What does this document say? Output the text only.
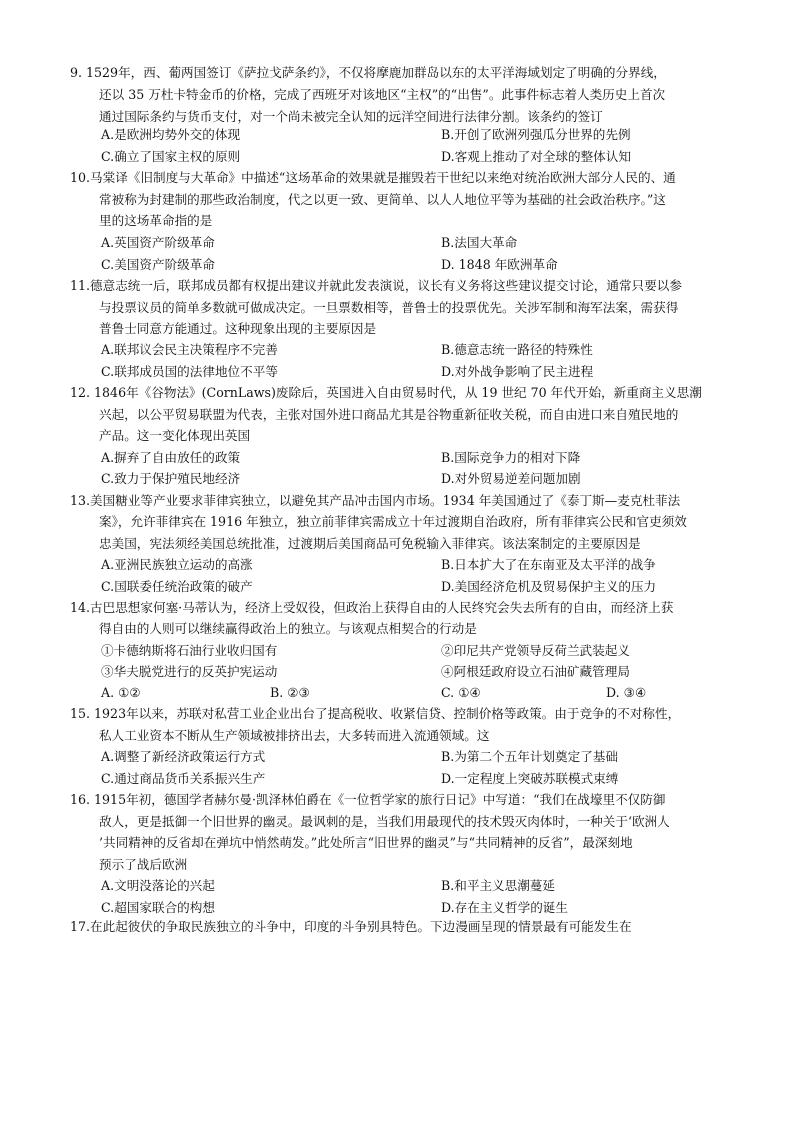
9. 1529年，西、葡两国签订《萨拉戈萨条约》，不仅将摩鹿加群岛以东的太平洋海域划定了明确的分界线，
还以 35 万杜卡特金币的价格，完成了西班牙对该地区“主权”的“出售”。此事件标志着人类历史上首次
通过国际条约与货币支付，对一个尚未被完全认知的远洋空间进行法律分割。该条约的签订
A.是欧洲均势外交的体现	B.开创了欧洲列强瓜分世界的先例
C.确立了国家主权的原则	D.客观上推动了对全球的整体认知
10.马棠译《旧制度与大革命》中描述“这场革命的效果就是摧毁若干世纪以来绝对统治欧洲大部分人民的、通
常被称为封建制的那些政治制度，代之以更一致、更简单、以人人地位平等为基础的社会政治秩序。”这
里的这场革命指的是
A.英国资产阶级革命	B.法国大革命
C.美国资产阶级革命	D. 1848 年欧洲革命
11.德意志统一后，联邦成员都有权提出建议并就此发表演说，议长有义务将这些建议提交讨论，通常只要以参
与投票议员的简单多数就可做成决定。一旦票数相等，普鲁士的投票优先。关涉军制和海军法案，需获得
普鲁士同意方能通过。这种现象出现的主要原因是
A.联邦议会民主决策程序不完善	B.德意志统一路径的特殊性
C.联邦成员国的法律地位不平等	D.对外战争影响了民主进程
12. 1846年《谷物法》(CornLaws)废除后，英国进入自由贸易时代，从 19 世纪 70 年代开始，新重商主义思潮
兴起，以公平贸易联盟为代表，主张对国外进口商品尤其是谷物重新征收关税，而自由进口来自殖民地的
产品。这一变化体现出英国
A.摒弃了自由放任的政策	B.国际竞争力的相对下降
C.致力于保护殖民地经济	D.对外贸易逆差问题加剧
13.美国糖业等产业要求菲律宾独立，以避免其产品冲击国内市场。1934 年美国通过了《泰丁斯—麦克杜菲法
案》，允许菲律宾在 1916 年独立，独立前菲律宾需成立十年过渡期自治政府，所有菲律宾公民和官吏须效
忠美国，宪法须经美国总统批准，过渡期后美国商品可免税输入菲律宾。该法案制定的主要原因是
A.亚洲民族独立运动的高涨	B.日本扩大了在东南亚及太平洋的战争
C.国联委任统治政策的破产	D.美国经济危机及贸易保护主义的压力
14.古巴思想家何塞·马蒂认为，经济上受奴役，但政治上获得自由的人民终究会失去所有的自由，而经济上获
得自由的人则可以继续赢得政治上的独立。与该观点相契合的行动是
①卡德纳斯将石油行业收归国有	②印尼共产党领导反荷兰武装起义
③华夫脱党进行的反英护宪运动	④阿根廷政府设立石油矿藏管理局
A. ①②	B. ②③	C. ①④	D. ③④
15. 1923年以来，苏联对私营工业企业出台了提高税收、收紧信贷、控制价格等政策。由于竞争的不对称性，
私人工业资本不断从生产领域被排挤出去，大多转而进入流通领域。这
A.调整了新经济政策运行方式	B.为第二个五年计划奠定了基础
C.通过商品货币关系振兴生产	D.一定程度上突破苏联模式束缚
16. 1915年初，德国学者赫尔曼·凯泽林伯爵在《一位哲学家的旅行日记》中写道：“我们在战壕里不仅防御
敌人，更是抵御一个旧世界的幽灵。最讽刺的是，当我们用最现代的技术毁灭肉体时，一种关于‘欧洲人
’共同精神的反省却在弹坑中悄然萌发。”此处所言“旧世界的幽灵”与“共同精神的反省”，最深刻地
预示了战后欧洲
A.文明没落论的兴起	B.和平主义思潮蔓延
C.超国家联合的构想	D.存在主义哲学的诞生
17.在此起彼伏的争取民族独立的斗争中，印度的斗争别具特色。下边漫画呈现的情景最有可能发生在
